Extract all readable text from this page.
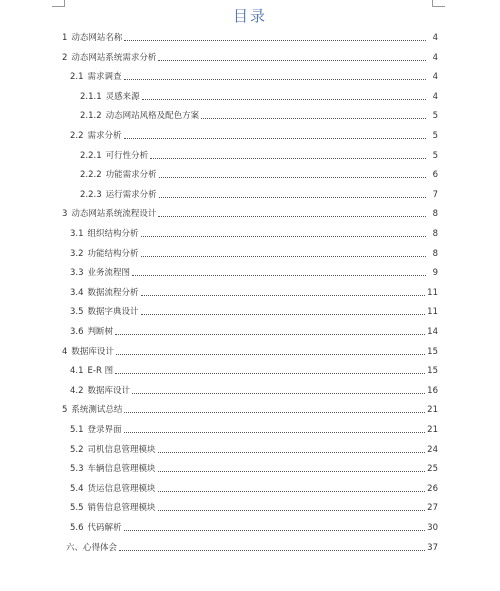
目录
1 动态网站名称	4
2 动态网站系统需求分析	4
2.1 需求调查	4
2.1.1 灵感来源	4
2.1.2 动态网站风格及配色方案	5
2.2 需求分析	5
2.2.1 可行性分析	5
2.2.2 功能需求分析	6
2.2.3 运行需求分析	7
3 动态网站系统流程设计	8
3.1 组织结构分析	8
3.2 功能结构分析	8
3.3 业务流程图	9
3.4 数据流程分析	11
3.5 数据字典设计	11
3.6 判断树	14
4 数据库设计	15
4.1 E-R 图	15
4.2 数据库设计	16
5 系统测试总结	21
5.1 登录界面	21
5.2 司机信息管理模块	24
5.3 车辆信息管理模块	25
5.4 货运信息管理模块	26
5.5 销售信息管理模块	27
5.6 代码解析	30
六、心得体会	37
